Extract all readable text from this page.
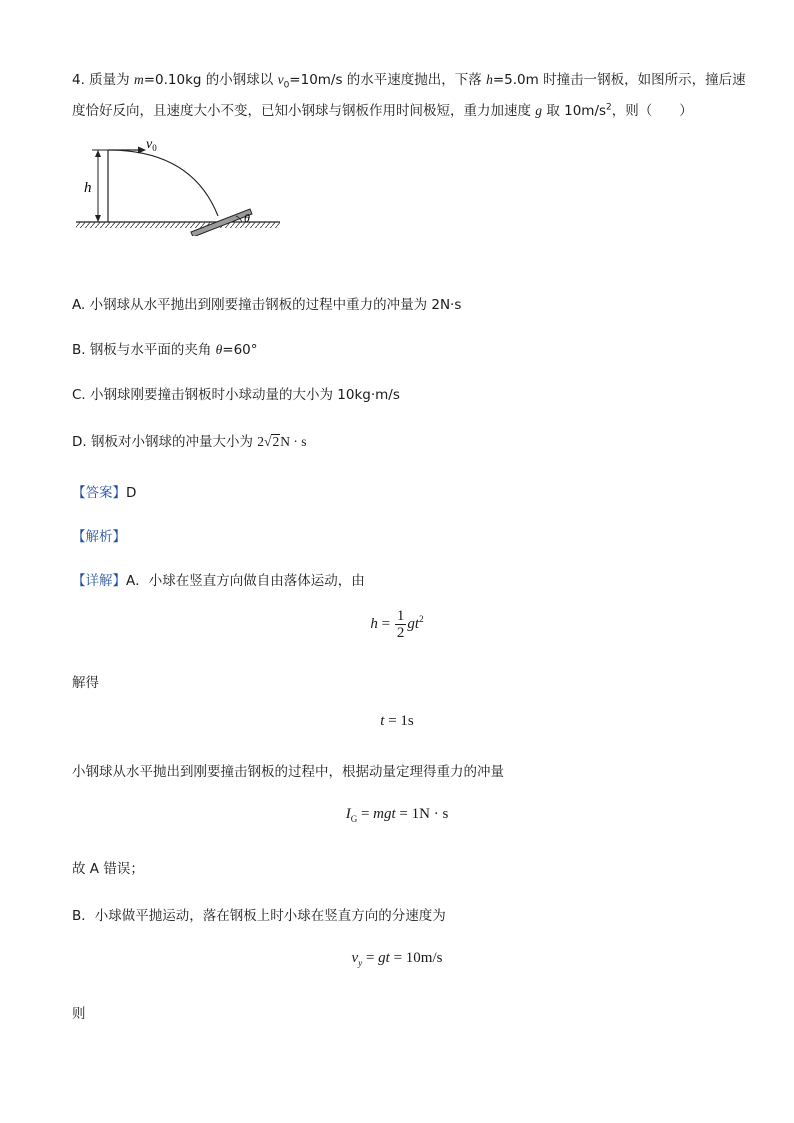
4. 质量为 m=0.10kg 的小钢球以 $v_0=10m/s$ 的水平速度抛出，下落 h=5.0m 时撞击一钢板，如图所示，撞后速
度恰好反向，且速度大小不变，已知小钢球与钢板作用时间极短，重力加速度 g 取 $10m/s^2$，则（　　）
h
$v_0$
θ
A. 小钢球从水平抛出到刚要撞击钢板的过程中重力的冲量为 2N·s
B. 钢板与水平面的夹角 θ=60°
C. 小钢球刚要撞击钢板时小球动量的大小为 10kg·m/s
D. 钢板对小钢球的冲量大小为 2√2N · s
【答案】D
【解析】
【详解】A．小球在竖直方向做自由落体运动，由
$h = \frac{1}{2} gt^2$
解得
t = 1s
小钢球从水平抛出到刚要撞击钢板的过程中，根据动量定理得重力的冲量
$I_G$ = mgt = 1N · s
故 A 错误；
B．小球做平抛运动，落在钢板上时小球在竖直方向的分速度为
$v_y$ = gt = 10m/s
则
